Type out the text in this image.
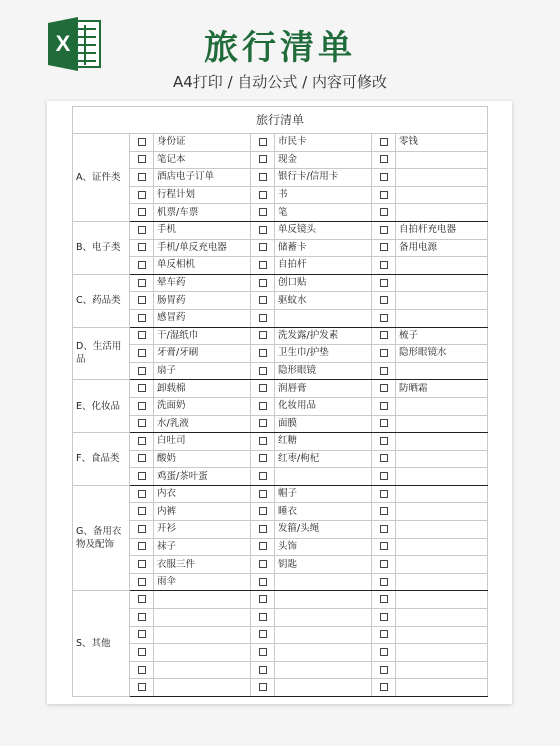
X	旅行清单
A4打印 / 自动公式 / 内容可修改
旅行清单						
A、证件类		身份证		市民卡		零钱
		笔记本		现金		
		酒店电子订单		银行卡/信用卡		
		行程计划		书		
		机票/车票		笔		
B、电子类		手机		单反镜头		自拍杆充电器
		手机/单反充电器		储蓄卡		备用电源
		单反相机		自拍杆		
C、药品类		晕车药		创口贴		
		肠胃药		驱蚊水		
		感冒药				
D、生活用品		干/湿纸巾		洗发露/护发素		梳子
		牙膏/牙刷		卫生巾/护垫		隐形眼镜水
		扇子		隐形眼镜		
E、化妆品		卸载棉		润唇膏		防晒霜
		洗面奶		化妆用品		
		水/乳液		面膜		
F、食品类		白吐司		红糖		
		酸奶		红枣/枸杞		
		鸡蛋/茶叶蛋				
G、备用衣物及配饰		内衣		帽子		
		内裤		睡衣		
		开衫		发箍/头绳		
		袜子		头饰		
		衣服三件		钥匙		
		雨伞				
S、其他						
